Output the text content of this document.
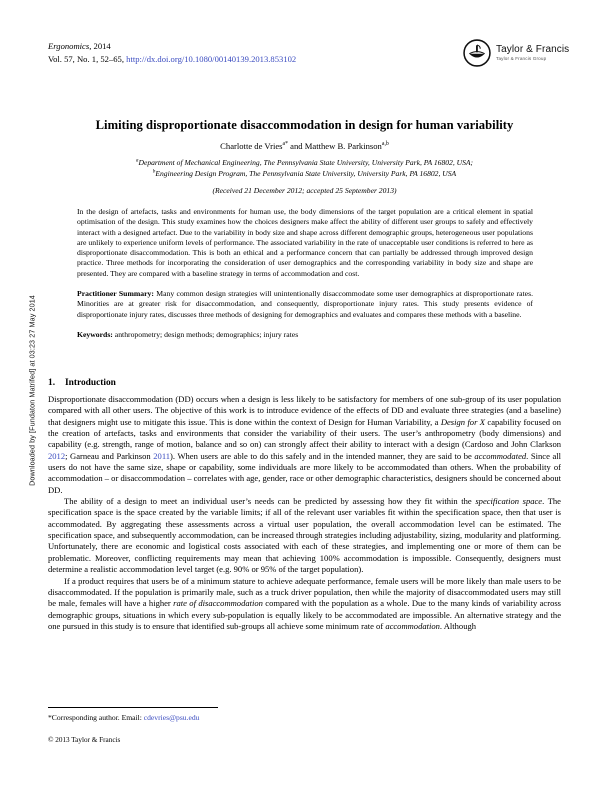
Downloaded by [Fundaton Matrifed] at 03:23 27 May 2014
Ergonomics, 2014
Vol. 57, No. 1, 52–65, http://dx.doi.org/10.1080/00140139.2013.853102
Taylor & Francis
Taylor & Francis Group
Limiting disproportionate disaccommodation in design for human variability
Charlotte de Vries$^{a*}$ and Matthew B. Parkinson$^{a,b}$
$^a$Department of Mechanical Engineering, The Pennsylvania State University, University Park, PA 16802, USA;
$^b$Engineering Design Program, The Pennsylvania State University, University Park, PA 16802, USA
(Received 21 December 2012; accepted 25 September 2013)

In the design of artefacts, tasks and environments for human use, the body dimensions of the target population are a critical element in spatial optimisation of the design. This study examines how the choices designers make affect the ability of different user groups to safely and effectively interact with a designed artefact. Due to the variability in body size and shape across different demographic groups, heterogeneous user populations are unlikely to experience uniform levels of performance. The associated variability in the rate of unacceptable user conditions is referred to here as disproportionate disaccommodation. This is both an ethical and a performance concern that can partially be addressed through improved design practice. Three methods for incorporating the consideration of user demographics and the corresponding variability in body size and shape are presented. They are compared with a baseline strategy in terms of accommodation and cost.

Practitioner Summary: Many common design strategies will unintentionally disaccommodate some user demographics at disproportionate rates. Minorities are at greater risk for disaccommodation, and consequently, disproportionate injury rates. This study presents evidence of disproportionate injury rates, discusses three methods of designing for demographics and evaluates and compares these methods with a baseline.

Keywords: anthropometry; design methods; demographics; injury rates

1. Introduction

Disproportionate disaccommodation (DD) occurs when a design is less likely to be satisfactory for members of one sub-group of its user population compared with all other users. The objective of this work is to introduce evidence of the effects of DD and evaluate three strategies (and a baseline) that designers might use to mitigate this issue. This is done within the context of Design for Human Variability, a Design for X capability focused on the creation of artefacts, tasks and environments that consider the variability of their users. The user’s anthropometry (body dimensions) and capability (e.g. strength, range of motion, balance and so on) can strongly affect their ability to interact with a design (Cardoso and John Clarkson 2012; Garneau and Parkinson 2011). When users are able to do this safely and in the intended manner, they are said to be accommodated. Since all users do not have the same size, shape or capability, some individuals are more likely to be accommodated than others. When the probability of accommodation – or disaccommodation – correlates with age, gender, race or other demographic characteristics, designers should be concerned about DD.

The ability of a design to meet an individual user’s needs can be predicted by assessing how they fit within the specification space. The specification space is the space created by the variable limits; if all of the relevant user variables fit within the specification space, then that user is accommodated. By aggregating these assessments across a virtual user population, the overall accommodation level can be estimated. The specification space, and subsequently accommodation, can be increased through strategies including adjustability, sizing, modularity and platforming. Unfortunately, there are economic and logistical costs associated with each of these strategies, and implementing one or more of them can be problematic. Moreover, conflicting requirements may mean that achieving 100% accommodation is impossible. Consequently, designers must determine a realistic accommodation level target (e.g. 90% or 95% of the target population).

If a product requires that users be of a minimum stature to achieve adequate performance, female users will be more likely than male users to be disaccommodated. If the population is primarily male, such as a truck driver population, then while the majority of disaccommodated users may still be male, females will have a higher rate of disaccommodation compared with the population as a whole. Due to the many kinds of variability across demographic groups, situations in which every sub-population is equally likely to be accommodated are impossible. An alternative strategy and the one pursued in this study is to ensure that identified sub-groups all achieve some minimum rate of accommodation. Although

*Corresponding author. Email: cdevries@psu.edu
© 2013 Taylor & Francis
